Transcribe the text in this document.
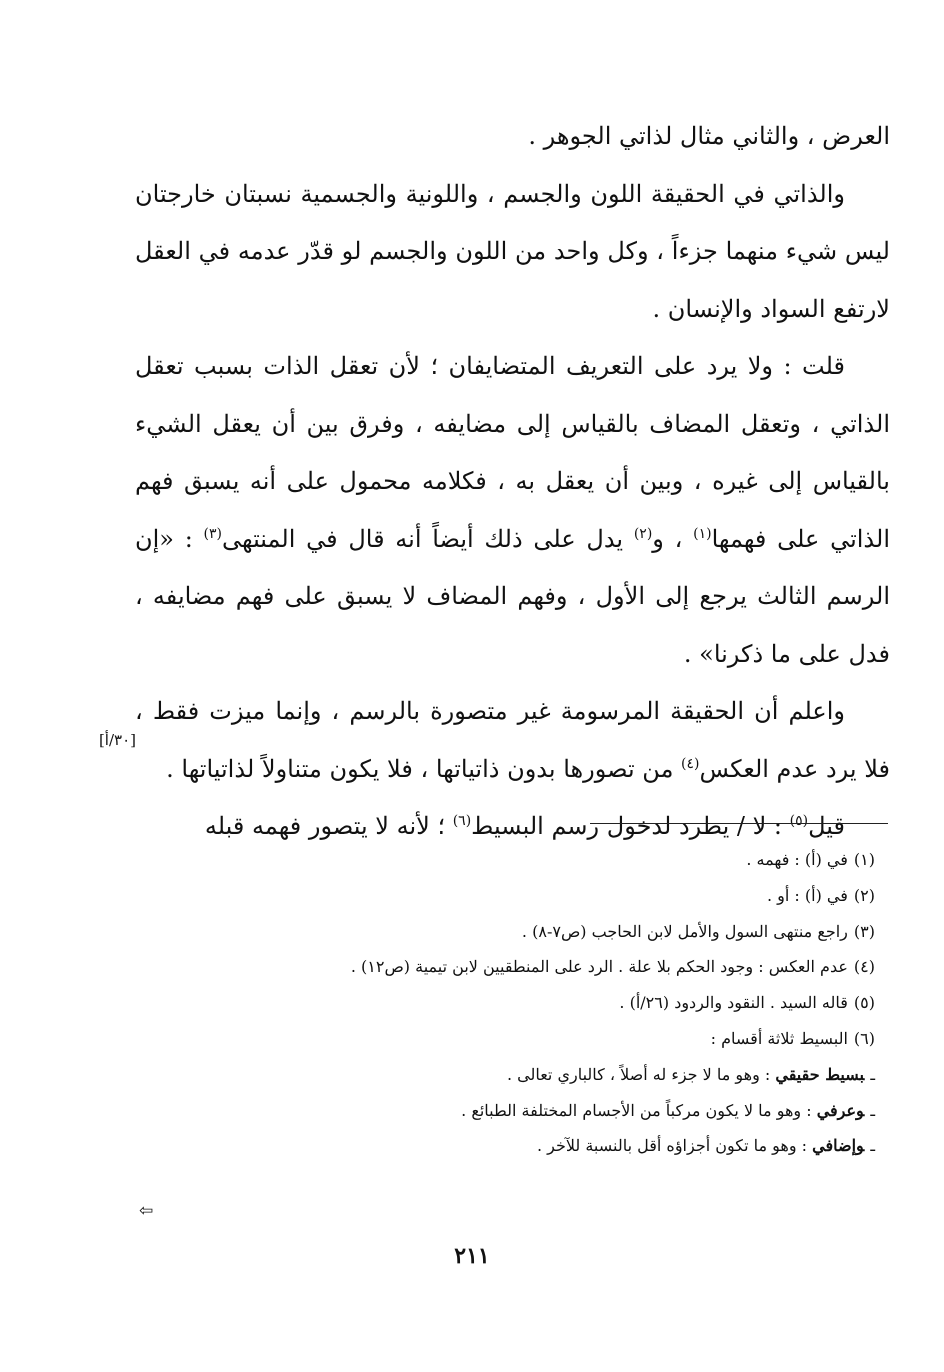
العرض ، والثاني مثال لذاتي الجوهر .

والذاتي في الحقيقة اللون والجسم ، واللونية والجسمية نسبتان خارجتان ليس شيء منهما جزءاً ، وكل واحد من اللون والجسم لو قدّر عدمه في العقل لارتفع السواد والإنسان .

قلت : ولا يرد على التعريف المتضايفان ؛ لأن تعقل الذات بسبب تعقل الذاتي ، وتعقل المضاف بالقياس إلى مضايفه ، وفرق بين أن يعقل الشيء بالقياس إلى غيره ، وبين أن يعقل به ، فكلامه محمول على أنه يسبق فهم الذاتي على فهمها$^{(١)}$ ، و$^{(٢)}$ يدل على ذلك أيضاً أنه قال في المنتهى$^{(٣)}$ : «إن الرسم الثالث يرجع إلى الأول ، وفهم المضاف لا يسبق على فهم مضايفه ، فدل على ما ذكرنا» .

واعلم أن الحقيقة المرسومة غير متصورة بالرسم ، وإنما ميزت فقط ، فلا يرد عدم العكس$^{(٤)}$ من تصورها بدون ذاتياتها ، فلا يكون متناولاً لذاتياتها .

قيل$^{(٥)}$ : لا / يطرد لدخول رسم البسيط$^{(٦)}$ ؛ لأنه لا يتصور فهمه قبله

[٣٠/أ]

(١)في (أ) : فهمه .

(٢)في (أ) : أو .

(٣)راجع منتهى السول والأمل لابن الحاجب (ص٧-٨) .

(٤)عدم العكس : وجود الحكم بلا علة . الرد على المنطقيين لابن تيمية (ص١٢) .

(٥)قاله السيد . النقود والردود (٢٦/أ) .

(٦)البسيط ثلاثة أقسام :

ـبسيط حقيقي : وهو ما لا جزء له أصلاً ، كالباري تعالى .

ـوعرفي : وهو ما لا يكون مركباً من الأجسام المختلفة الطبائع .

ـوإضافي : وهو ما تكون أجزاؤه أقل بالنسبة للآخر .

⇦
٢١١
